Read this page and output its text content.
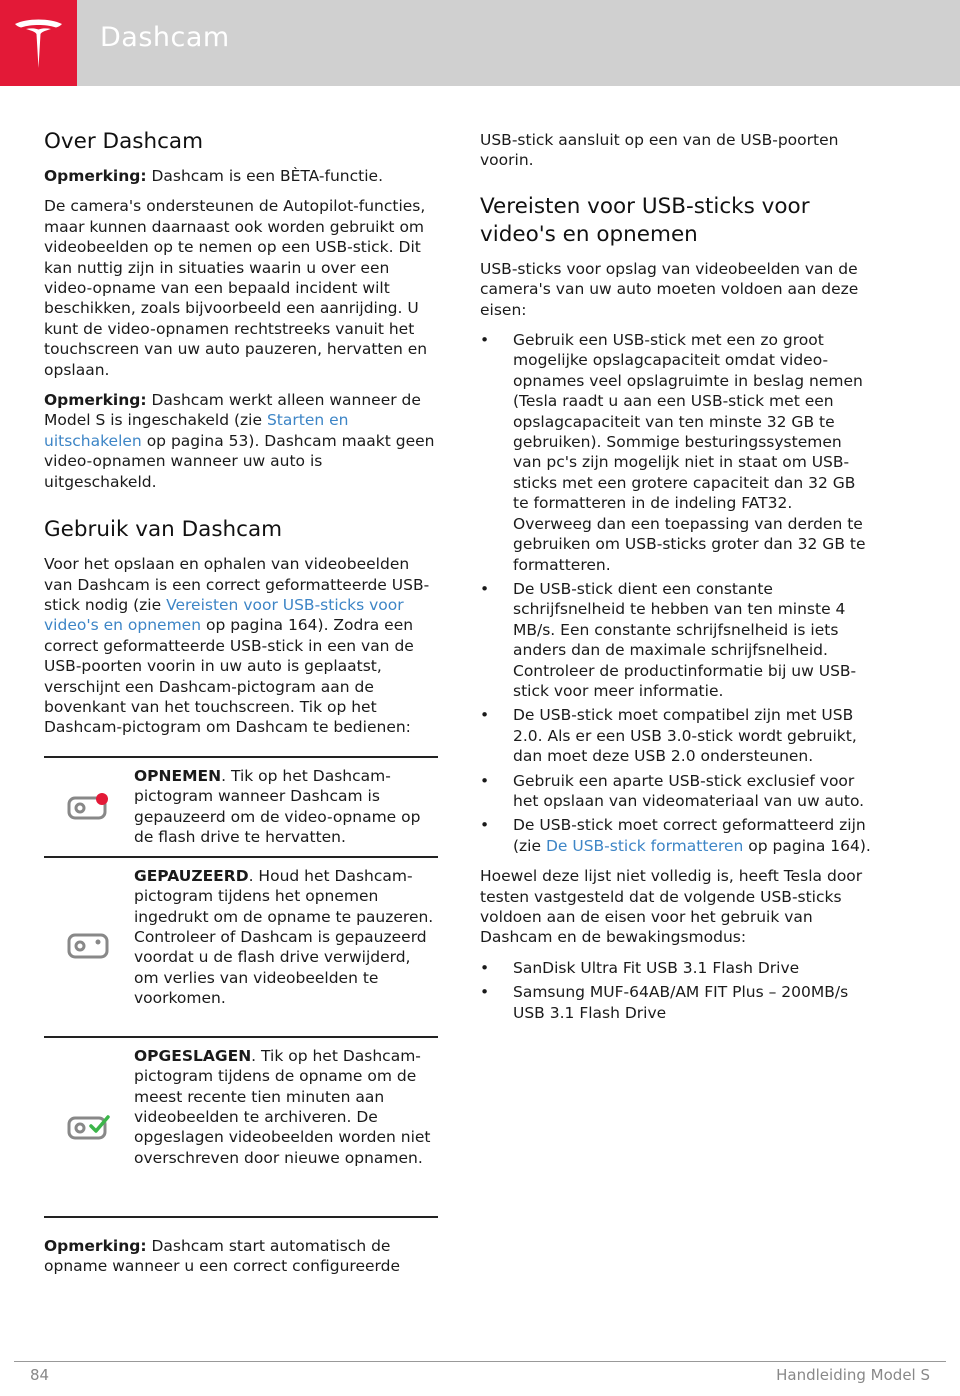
Dashcam
Over Dashcam

Opmerking: Dashcam is een BÈTA-functie.

De camera's ondersteunen de Autopilot-functies, maar kunnen daarnaast ook worden gebruikt om videobeelden op te nemen op een USB-stick. Dit kan nuttig zijn in situaties waarin u over een video-opname van een bepaald incident wilt beschikken, zoals bijvoorbeeld een aanrijding. U kunt de video-opnamen rechtstreeks vanuit het touchscreen van uw auto pauzeren, hervatten en opslaan.

Opmerking: Dashcam werkt alleen wanneer de Model S is ingeschakeld (zie Starten en uitschakelen op pagina 53). Dashcam maakt geen video-opnamen wanneer uw auto is uitgeschakeld.

Gebruik van Dashcam

Voor het opslaan en ophalen van videobeelden van Dashcam is een correct geformatteerde USB-stick nodig (zie Vereisten voor USB-sticks voor video's en opnemen op pagina 164). Zodra een correct geformatteerde USB-stick in een van de USB-poorten voorin in uw auto is geplaatst, verschijnt een Dashcam-pictogram aan de bovenkant van het touchscreen. Tik op het Dashcam-pictogram om Dashcam te bedienen:

OPNEMEN. Tik op het Dashcam-pictogram wanneer Dashcam is gepauzeerd om de video-opname op de flash drive te hervatten.
GEPAUZEERD. Houd het Dashcam-pictogram tijdens het opnemen ingedrukt om de opname te pauzeren. Controleer of Dashcam is gepauzeerd voordat u de flash drive verwijderd, om verlies van videobeelden te voorkomen.
OPGESLAGEN. Tik op het Dashcam-pictogram tijdens de opname om de meest recente tien minuten aan videobeelden te archiveren. De opgeslagen videobeelden worden niet overschreven door nieuwe opnamen.

Opmerking: Dashcam start automatisch de opname wanneer u een correct configureerde

USB-stick aansluit op een van de USB-poorten voorin.

Vereisten voor USB-sticks voor video's en opnemen

USB-sticks voor opslag van videobeelden van de camera's van uw auto moeten voldoen aan deze eisen:

• Gebruik een USB-stick met een zo groot mogelijke opslagcapaciteit omdat video-opnames veel opslagruimte in beslag nemen (Tesla raadt u aan een USB-stick met een opslagcapaciteit van ten minste 32 GB te gebruiken). Sommige besturingssystemen van pc's zijn mogelijk niet in staat om USB-sticks met een grotere capaciteit dan 32 GB te formatteren in de indeling FAT32. Overweeg dan een toepassing van derden te gebruiken om USB-sticks groter dan 32 GB te formatteren.
• De USB-stick dient een constante schrijfsnelheid te hebben van ten minste 4 MB/s. Een constante schrijfsnelheid is iets anders dan de maximale schrijfsnelheid. Controleer de productinformatie bij uw USB-stick voor meer informatie.
• De USB-stick moet compatibel zijn met USB 2.0. Als er een USB 3.0-stick wordt gebruikt, dan moet deze USB 2.0 ondersteunen.
• Gebruik een aparte USB-stick exclusief voor het opslaan van videomateriaal van uw auto.
• De USB-stick moet correct geformatteerd zijn (zie De USB-stick formatteren op pagina 164).

Hoewel deze lijst niet volledig is, heeft Tesla door testen vastgesteld dat de volgende USB-sticks voldoen aan de eisen voor het gebruik van Dashcam en de bewakingsmodus:

• SanDisk Ultra Fit USB 3.1 Flash Drive
• Samsung MUF-64AB/AM FIT Plus – 200MB/s USB 3.1 Flash Drive
84	Handleiding Model S
